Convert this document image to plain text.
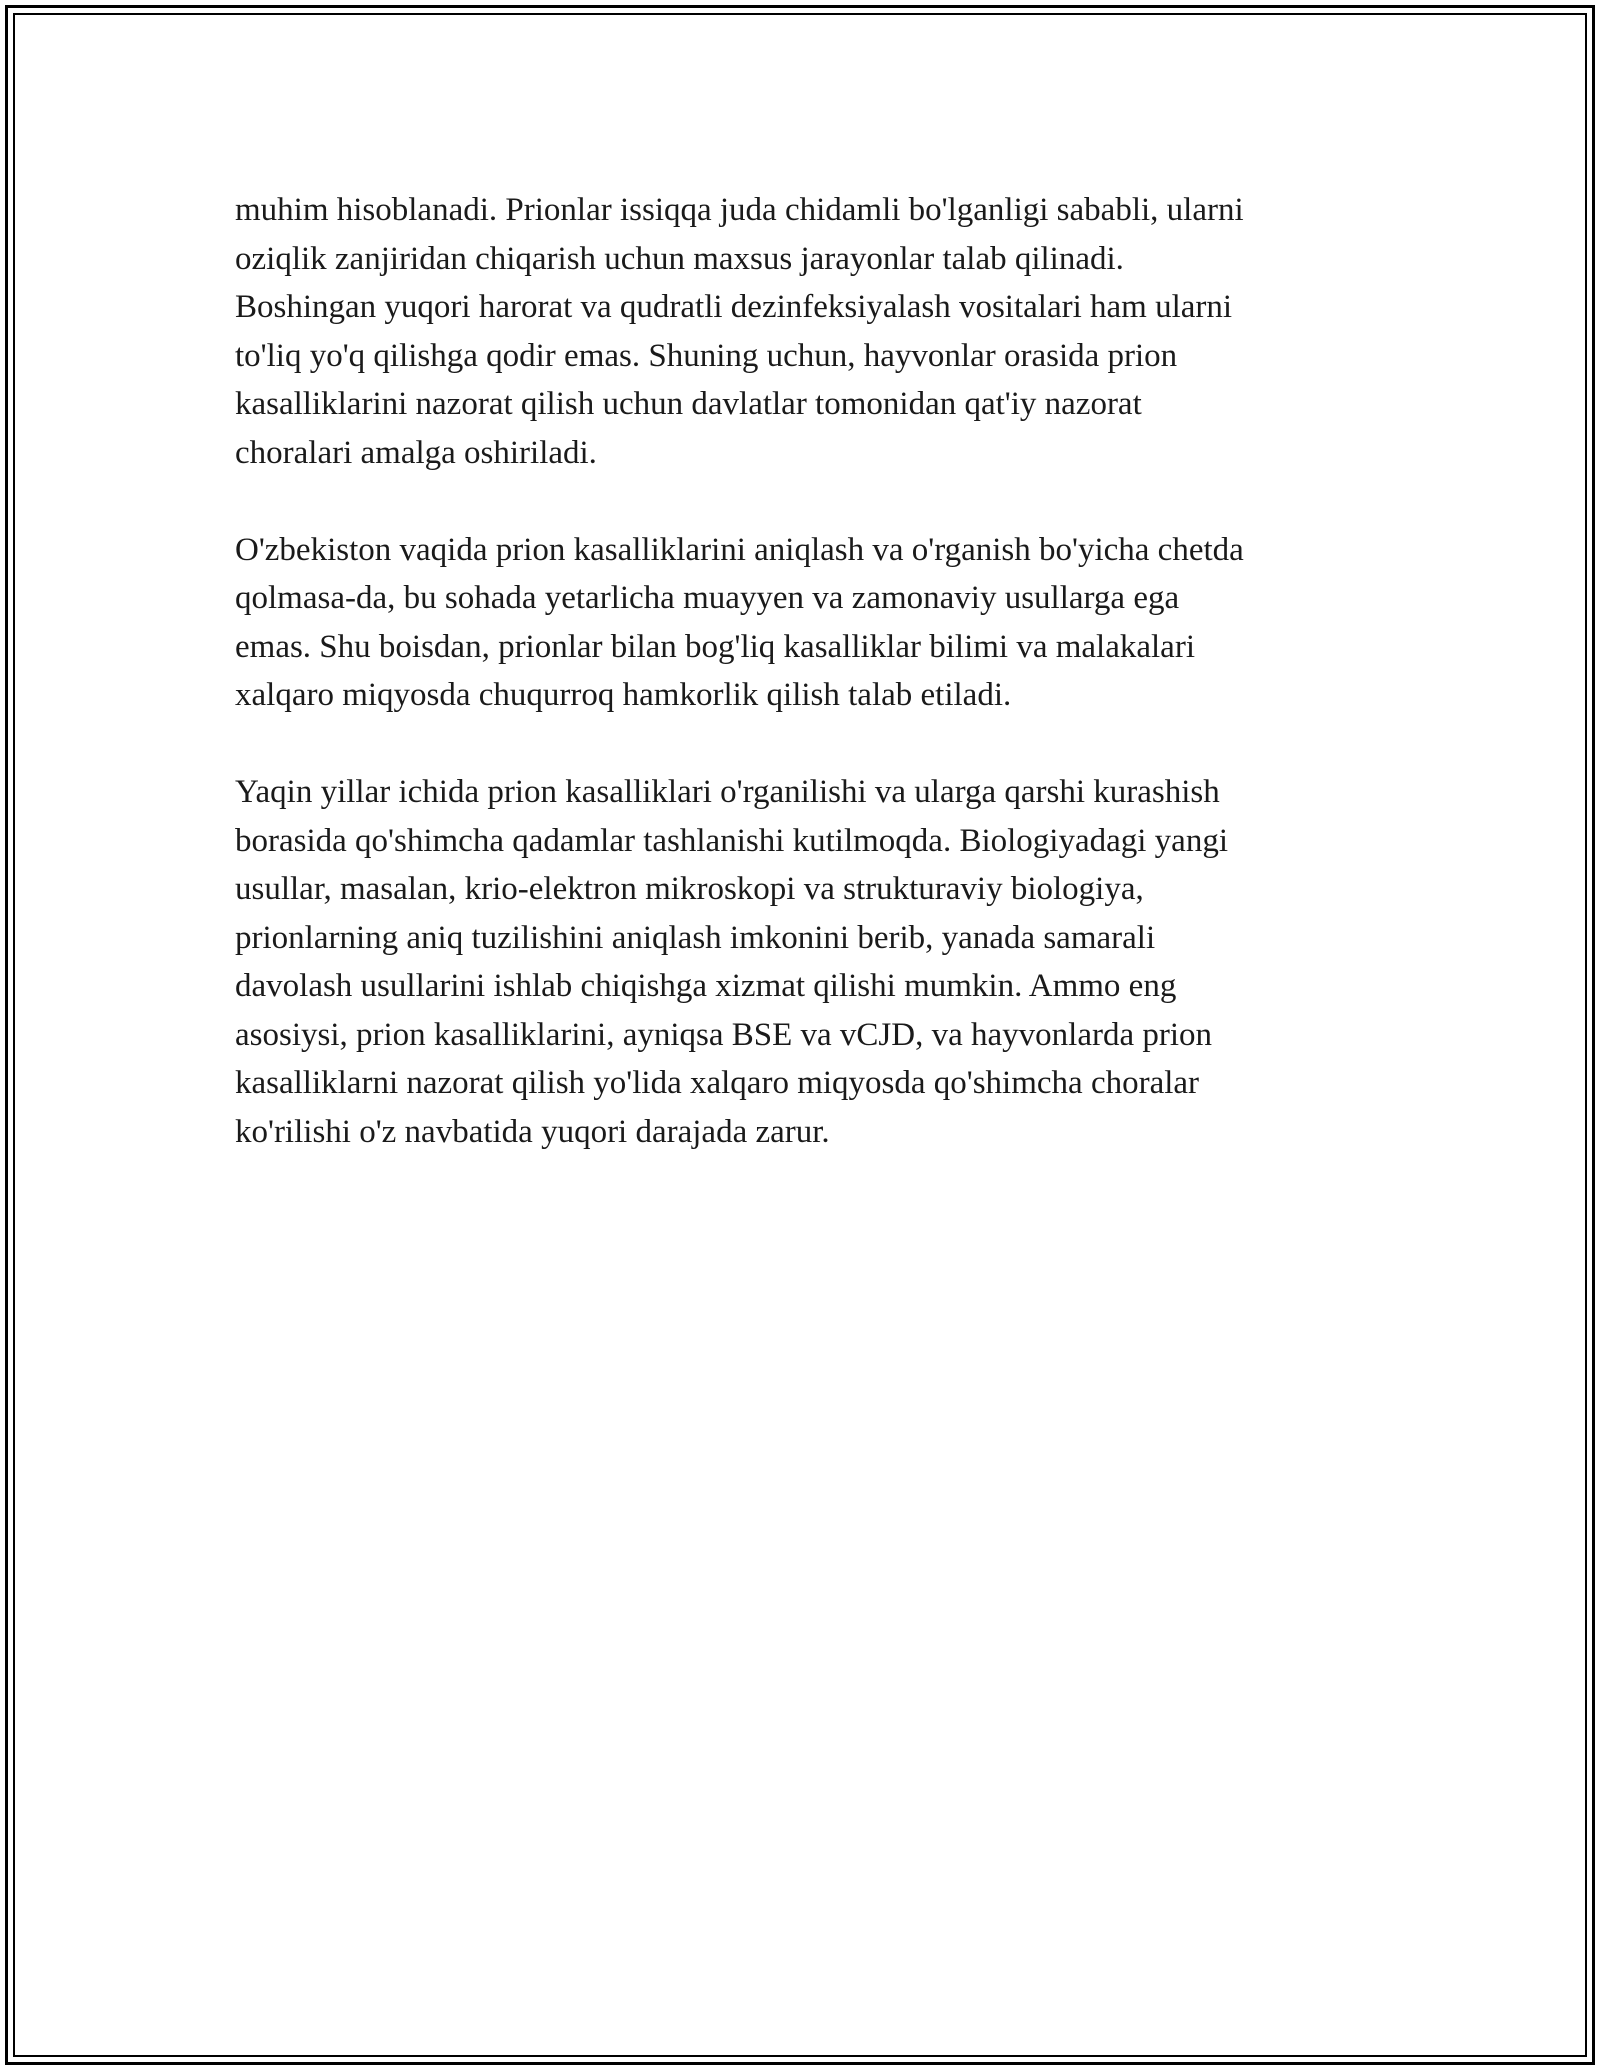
muhim hisoblanadi. Prionlar issiqqa juda chidamli bo'lganligi sababli, ularni
oziqlik zanjiridan chiqarish uchun maxsus jarayonlar talab qilinadi.
Boshingan yuqori harorat va qudratli dezinfeksiyalash vositalari ham ularni
to'liq yo'q qilishga qodir emas. Shuning uchun, hayvonlar orasida prion
kasalliklarini nazorat qilish uchun davlatlar tomonidan qat'iy nazorat
choralari amalga oshiriladi.

O'zbekiston vaqida prion kasalliklarini aniqlash va o'rganish bo'yicha chetda
qolmasa-da, bu sohada yetarlicha muayyen va zamonaviy usullarga ega
emas. Shu boisdan, prionlar bilan bog'liq kasalliklar bilimi va malakalari
xalqaro miqyosda chuqurroq hamkorlik qilish talab etiladi.

Yaqin yillar ichida prion kasalliklari o'rganilishi va ularga qarshi kurashish
borasida qo'shimcha qadamlar tashlanishi kutilmoqda. Biologiyadagi yangi
usullar, masalan, krio-elektron mikroskopi va strukturaviy biologiya,
prionlarning aniq tuzilishini aniqlash imkonini berib, yanada samarali
davolash usullarini ishlab chiqishga xizmat qilishi mumkin. Ammo eng
asosiysi, prion kasalliklarini, ayniqsa BSE va vCJD, va hayvonlarda prion
kasalliklarni nazorat qilish yo'lida xalqaro miqyosda qo'shimcha choralar
ko'rilishi o'z navbatida yuqori darajada zarur.
